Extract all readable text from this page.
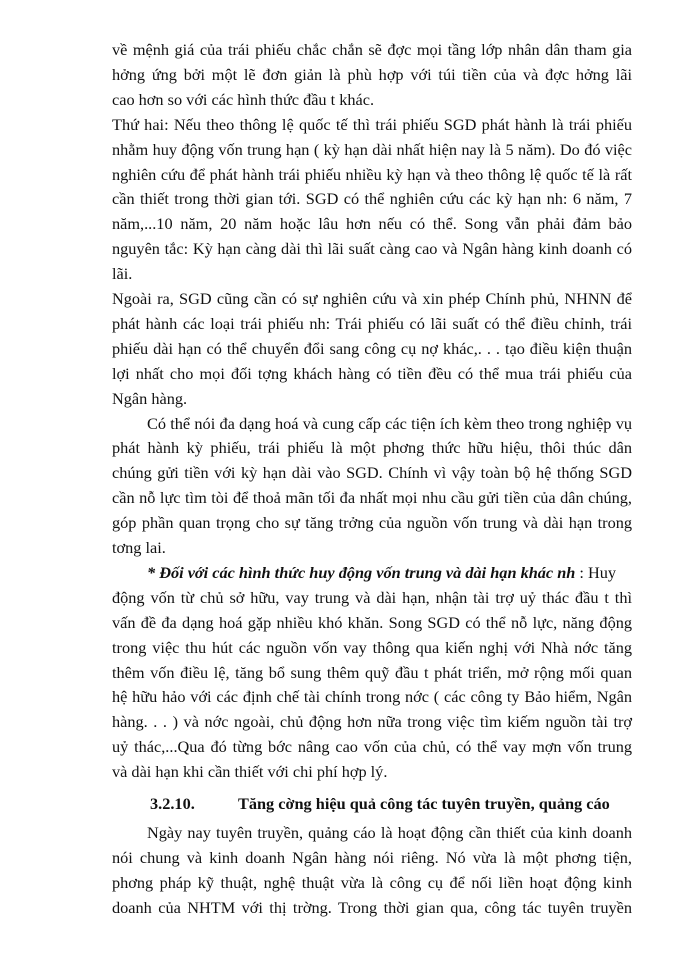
về mệnh giá của trái phiếu chắc chắn sẽ đợc mọi tầng lớp nhân dân tham gia
hởng ứng bởi một lẽ đơn giản là phù hợp với túi tiền của và đợc hởng lãi
cao hơn so với các hình thức đầu t khác.
Thứ hai: Nếu theo thông lệ quốc tế thì trái phiếu SGD phát hành là trái phiếu
nhằm huy động vốn trung hạn ( kỳ hạn dài nhất hiện nay là 5 năm). Do đó việc
nghiên cứu để phát hành trái phiếu nhiều kỳ hạn và theo thông lệ quốc tế là rất
cần thiết trong thời gian tới. SGD có thể nghiên cứu các kỳ hạn nh: 6 năm, 7
năm,...10 năm, 20 năm hoặc lâu hơn nếu có thể. Song vẫn phải đảm bảo
nguyên tắc: Kỳ hạn càng dài thì lãi suất càng cao và Ngân hàng kinh doanh có
lãi.
Ngoài ra, SGD cũng cần có sự nghiên cứu và xin phép Chính phủ, NHNN để
phát hành các loại trái phiếu nh: Trái phiếu có lãi suất có thể điều chỉnh, trái
phiếu dài hạn có thể chuyển đổi sang công cụ nợ khác,. . . tạo điều kiện thuận
lợi nhất cho mọi đối tợng khách hàng có tiền đều có thể mua trái phiếu của
Ngân hàng.
Có thể nói đa dạng hoá và cung cấp các tiện ích kèm theo trong nghiệp vụ
phát hành kỳ phiếu, trái phiếu là một phơng thức hữu hiệu, thôi thúc dân
chúng gửi tiền với kỳ hạn dài vào SGD. Chính vì vậy toàn bộ hệ thống SGD
cần nỗ lực tìm tòi để thoả mãn tối đa nhất mọi nhu cầu gửi tiền của dân chúng,
góp phần quan trọng cho sự tăng trởng của nguồn vốn trung và dài hạn trong
tơng lai.
* Đối với các hình thức huy động vốn trung và dài hạn khác nh : Huy
động vốn từ chủ sở hữu, vay trung và dài hạn, nhận tài trợ uỷ thác đầu t thì
vấn đề đa dạng hoá gặp nhiều khó khăn. Song SGD có thể nỗ lực, năng động
trong việc thu hút các nguồn vốn vay thông qua kiến nghị với Nhà nớc tăng
thêm vốn điều lệ, tăng bổ sung thêm quỹ đầu t phát triển, mở rộng mối quan
hệ hữu hảo với các định chế tài chính trong nớc ( các công ty Bảo hiểm, Ngân
hàng. . . ) và nớc ngoài, chủ động hơn nữa trong việc tìm kiếm nguồn tài trợ
uỷ thác,...Qua đó từng bớc nâng cao vốn của chủ, có thể vay mợn vốn trung
và dài hạn khi cần thiết với chi phí hợp lý.
3.2.10.	Tăng cờng hiệu quả công tác tuyên truyền, quảng cáo
Ngày nay tuyên truyền, quảng cáo là hoạt động cần thiết của kinh doanh
nói chung và kinh doanh Ngân hàng nói riêng. Nó vừa là một phơng tiện,
phơng pháp kỹ thuật, nghệ thuật vừa là công cụ để nối liền hoạt động kinh
doanh của NHTM với thị trờng. Trong thời gian qua, công tác tuyên truyền
